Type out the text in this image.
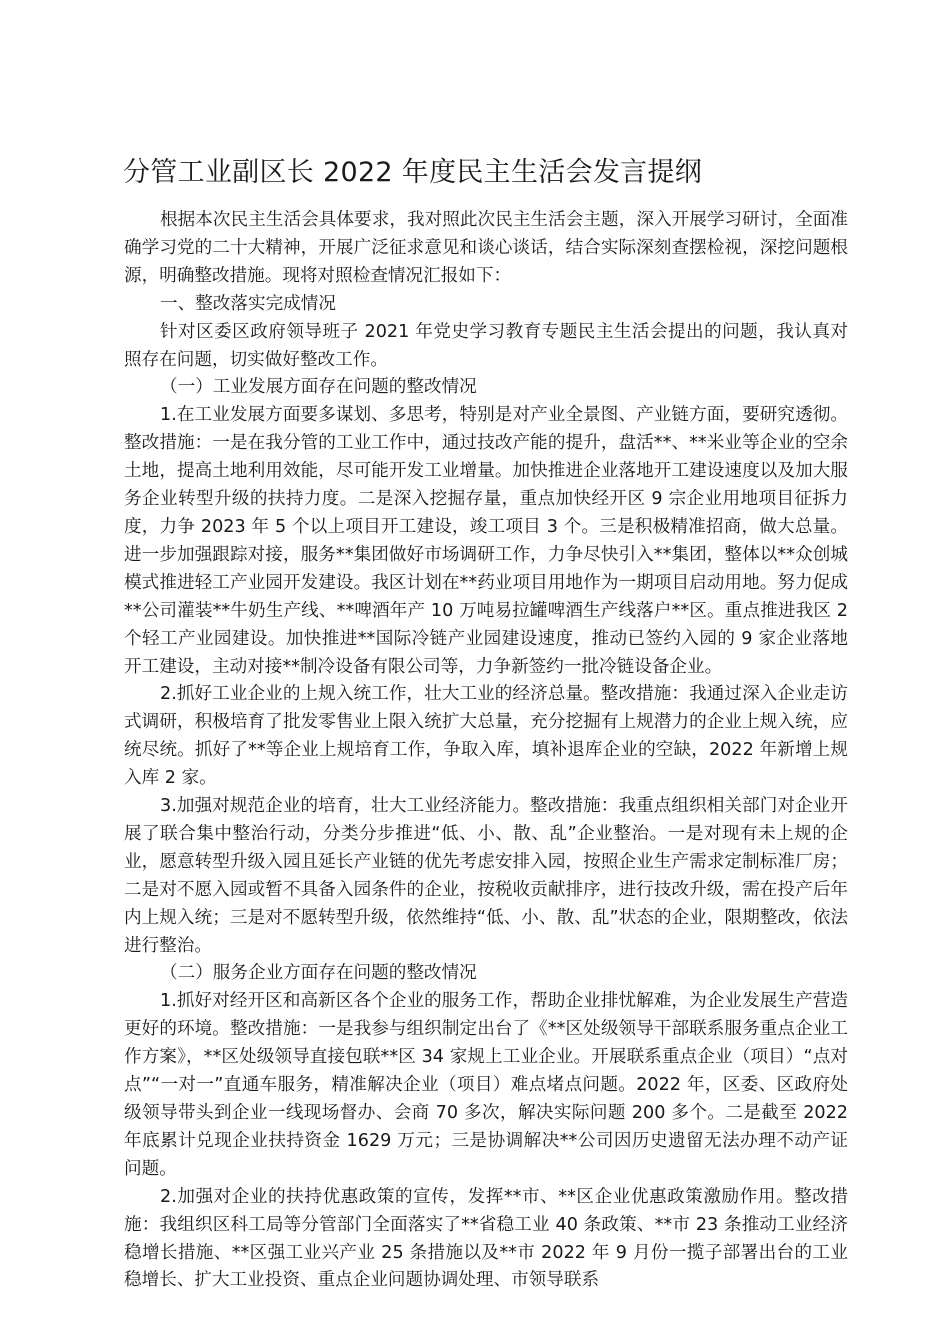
分管工业副区长 2022 年度民主生活会发言提纲

根据本次民主生活会具体要求，我对照此次民主生活会主题，深入开展学习研讨，全面准确学习党的二十大精神，开展广泛征求意见和谈心谈话，结合实际深刻查摆检视，深挖问题根源，明确整改措施。现将对照检查情况汇报如下：

一、整改落实完成情况

针对区委区政府领导班子 2021 年党史学习教育专题民主生活会提出的问题，我认真对照存在问题，切实做好整改工作。

（一）工业发展方面存在问题的整改情况

1.在工业发展方面要多谋划、多思考，特别是对产业全景图、产业链方面，要研究透彻。整改措施：一是在我分管的工业工作中，通过技改产能的提升，盘活**、**米业等企业的空余土地，提高土地利用效能，尽可能开发工业增量。加快推进企业落地开工建设速度以及加大服务企业转型升级的扶持力度。二是深入挖掘存量，重点加快经开区 9 宗企业用地项目征拆力度，力争 2023 年 5 个以上项目开工建设，竣工项目 3 个。三是积极精准招商，做大总量。进一步加强跟踪对接，服务**集团做好市场调研工作，力争尽快引入**集团，整体以**众创城模式推进轻工产业园开发建设。我区计划在**药业项目用地作为一期项目启动用地。努力促成**公司灌装**牛奶生产线、**啤酒年产 10 万吨易拉罐啤酒生产线落户**区。重点推进我区 2 个轻工产业园建设。加快推进**国际冷链产业园建设速度，推动已签约入园的 9 家企业落地开工建设，主动对接**制冷设备有限公司等，力争新签约一批冷链设备企业。

2.抓好工业企业的上规入统工作，壮大工业的经济总量。整改措施：我通过深入企业走访式调研，积极培育了批发零售业上限入统扩大总量，充分挖掘有上规潜力的企业上规入统，应统尽统。抓好了**等企业上规培育工作，争取入库，填补退库企业的空缺，2022 年新增上规入库 2 家。

3.加强对规范企业的培育，壮大工业经济能力。整改措施：我重点组织相关部门对企业开展了联合集中整治行动，分类分步推进“低、小、散、乱”企业整治。一是对现有未上规的企业，愿意转型升级入园且延长产业链的优先考虑安排入园，按照企业生产需求定制标准厂房；二是对不愿入园或暂不具备入园条件的企业，按税收贡献排序，进行技改升级，需在投产后年内上规入统；三是对不愿转型升级，依然维持“低、小、散、乱”状态的企业，限期整改，依法进行整治。

（二）服务企业方面存在问题的整改情况

1.抓好对经开区和高新区各个企业的服务工作，帮助企业排忧解难，为企业发展生产营造更好的环境。整改措施：一是我参与组织制定出台了《**区处级领导干部联系服务重点企业工作方案》，**区处级领导直接包联**区 34 家规上工业企业。开展联系重点企业（项目）“点对点”“一对一”直通车服务，精准解决企业（项目）难点堵点问题。2022 年，区委、区政府处级领导带头到企业一线现场督办、会商 70 多次，解决实际问题 200 多个。二是截至 2022 年底累计兑现企业扶持资金 1629 万元；三是协调解决**公司因历史遗留无法办理不动产证问题。

2.加强对企业的扶持优惠政策的宣传，发挥**市、**区企业优惠政策激励作用。整改措施：我组织区科工局等分管部门全面落实了**省稳工业 40 条政策、**市 23 条推动工业经济稳增长措施、**区强工业兴产业 25 条措施以及**市 2022 年 9 月份一揽子部署出台的工业稳增长、扩大工业投资、重点企业问题协调处理、市领导联系
